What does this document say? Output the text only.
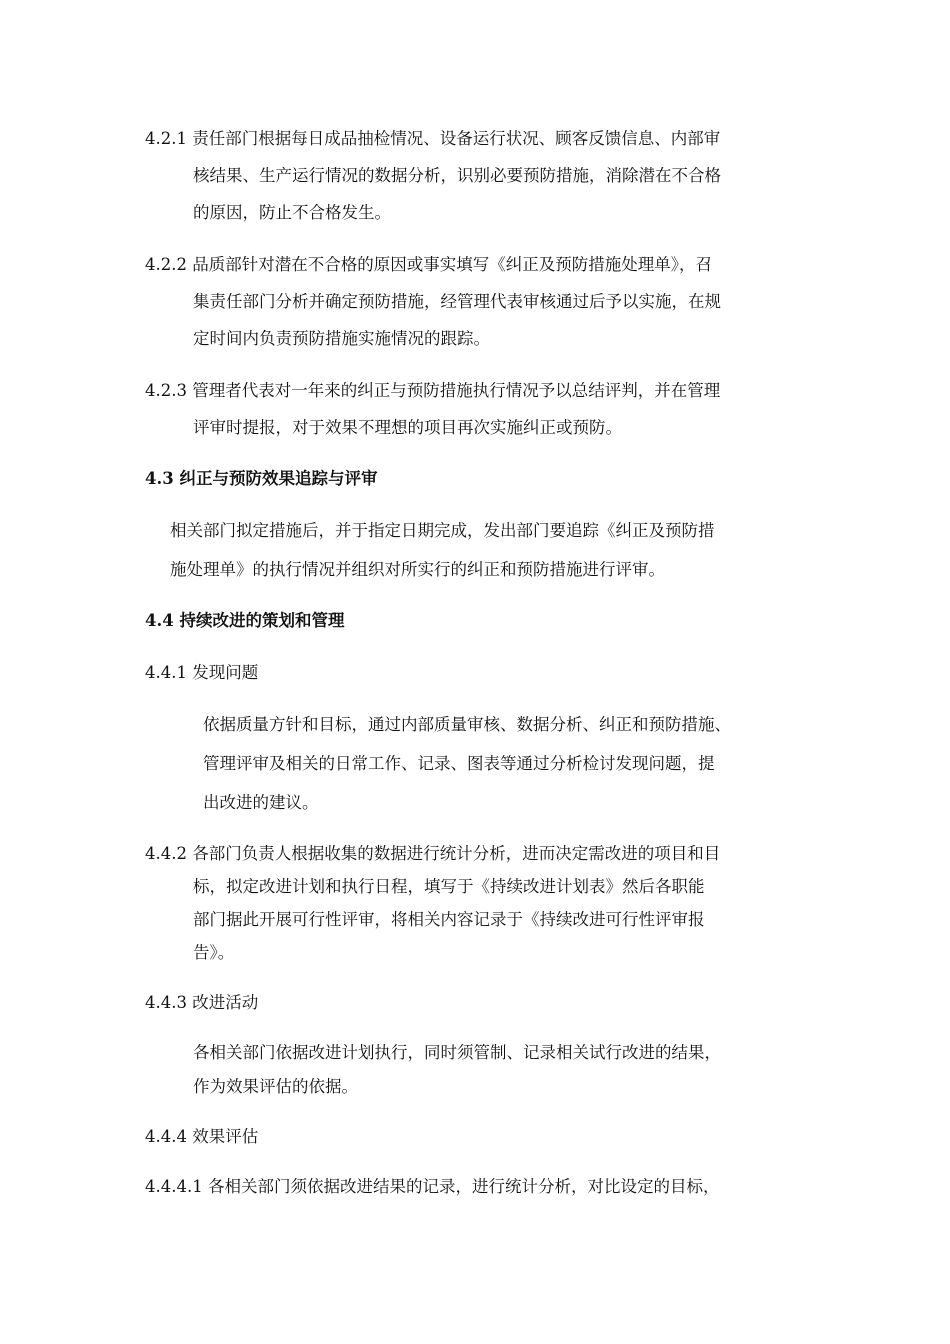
4.2.1 责任部门根据每日成品抽检情况、设备运行状况、顾客反馈信息、内部审
核结果、生产运行情况的数据分析，识别必要预防措施，消除潜在不合格
的原因，防止不合格发生。
4.2.2 品质部针对潜在不合格的原因或事实填写《纠正及预防措施处理单》，召
集责任部门分析并确定预防措施，经管理代表审核通过后予以实施，在规
定时间内负责预防措施实施情况的跟踪。
4.2.3 管理者代表对一年来的纠正与预防措施执行情况予以总结评判，并在管理
评审时提报，对于效果不理想的项目再次实施纠正或预防。
4.3 纠正与预防效果追踪与评审
相关部门拟定措施后，并于指定日期完成，发出部门要追踪《纠正及预防措
施处理单》的执行情况并组织对所实行的纠正和预防措施进行评审。
4.4 持续改进的策划和管理
4.4.1 发现问题
依据质量方针和目标，通过内部质量审核、数据分析、纠正和预防措施、
管理评审及相关的日常工作、记录、图表等通过分析检讨发现问题，提
出改进的建议。
4.4.2 各部门负责人根据收集的数据进行统计分析，进而决定需改进的项目和目
标，拟定改进计划和执行日程，填写于《持续改进计划表》然后各职能
部门据此开展可行性评审，将相关内容记录于《持续改进可行性评审报
告》。
4.4.3 改进活动
各相关部门依据改进计划执行，同时须管制、记录相关试行改进的结果，
作为效果评估的依据。
4.4.4 效果评估
4.4.4.1 各相关部门须依据改进结果的记录，进行统计分析，对比设定的目标，
